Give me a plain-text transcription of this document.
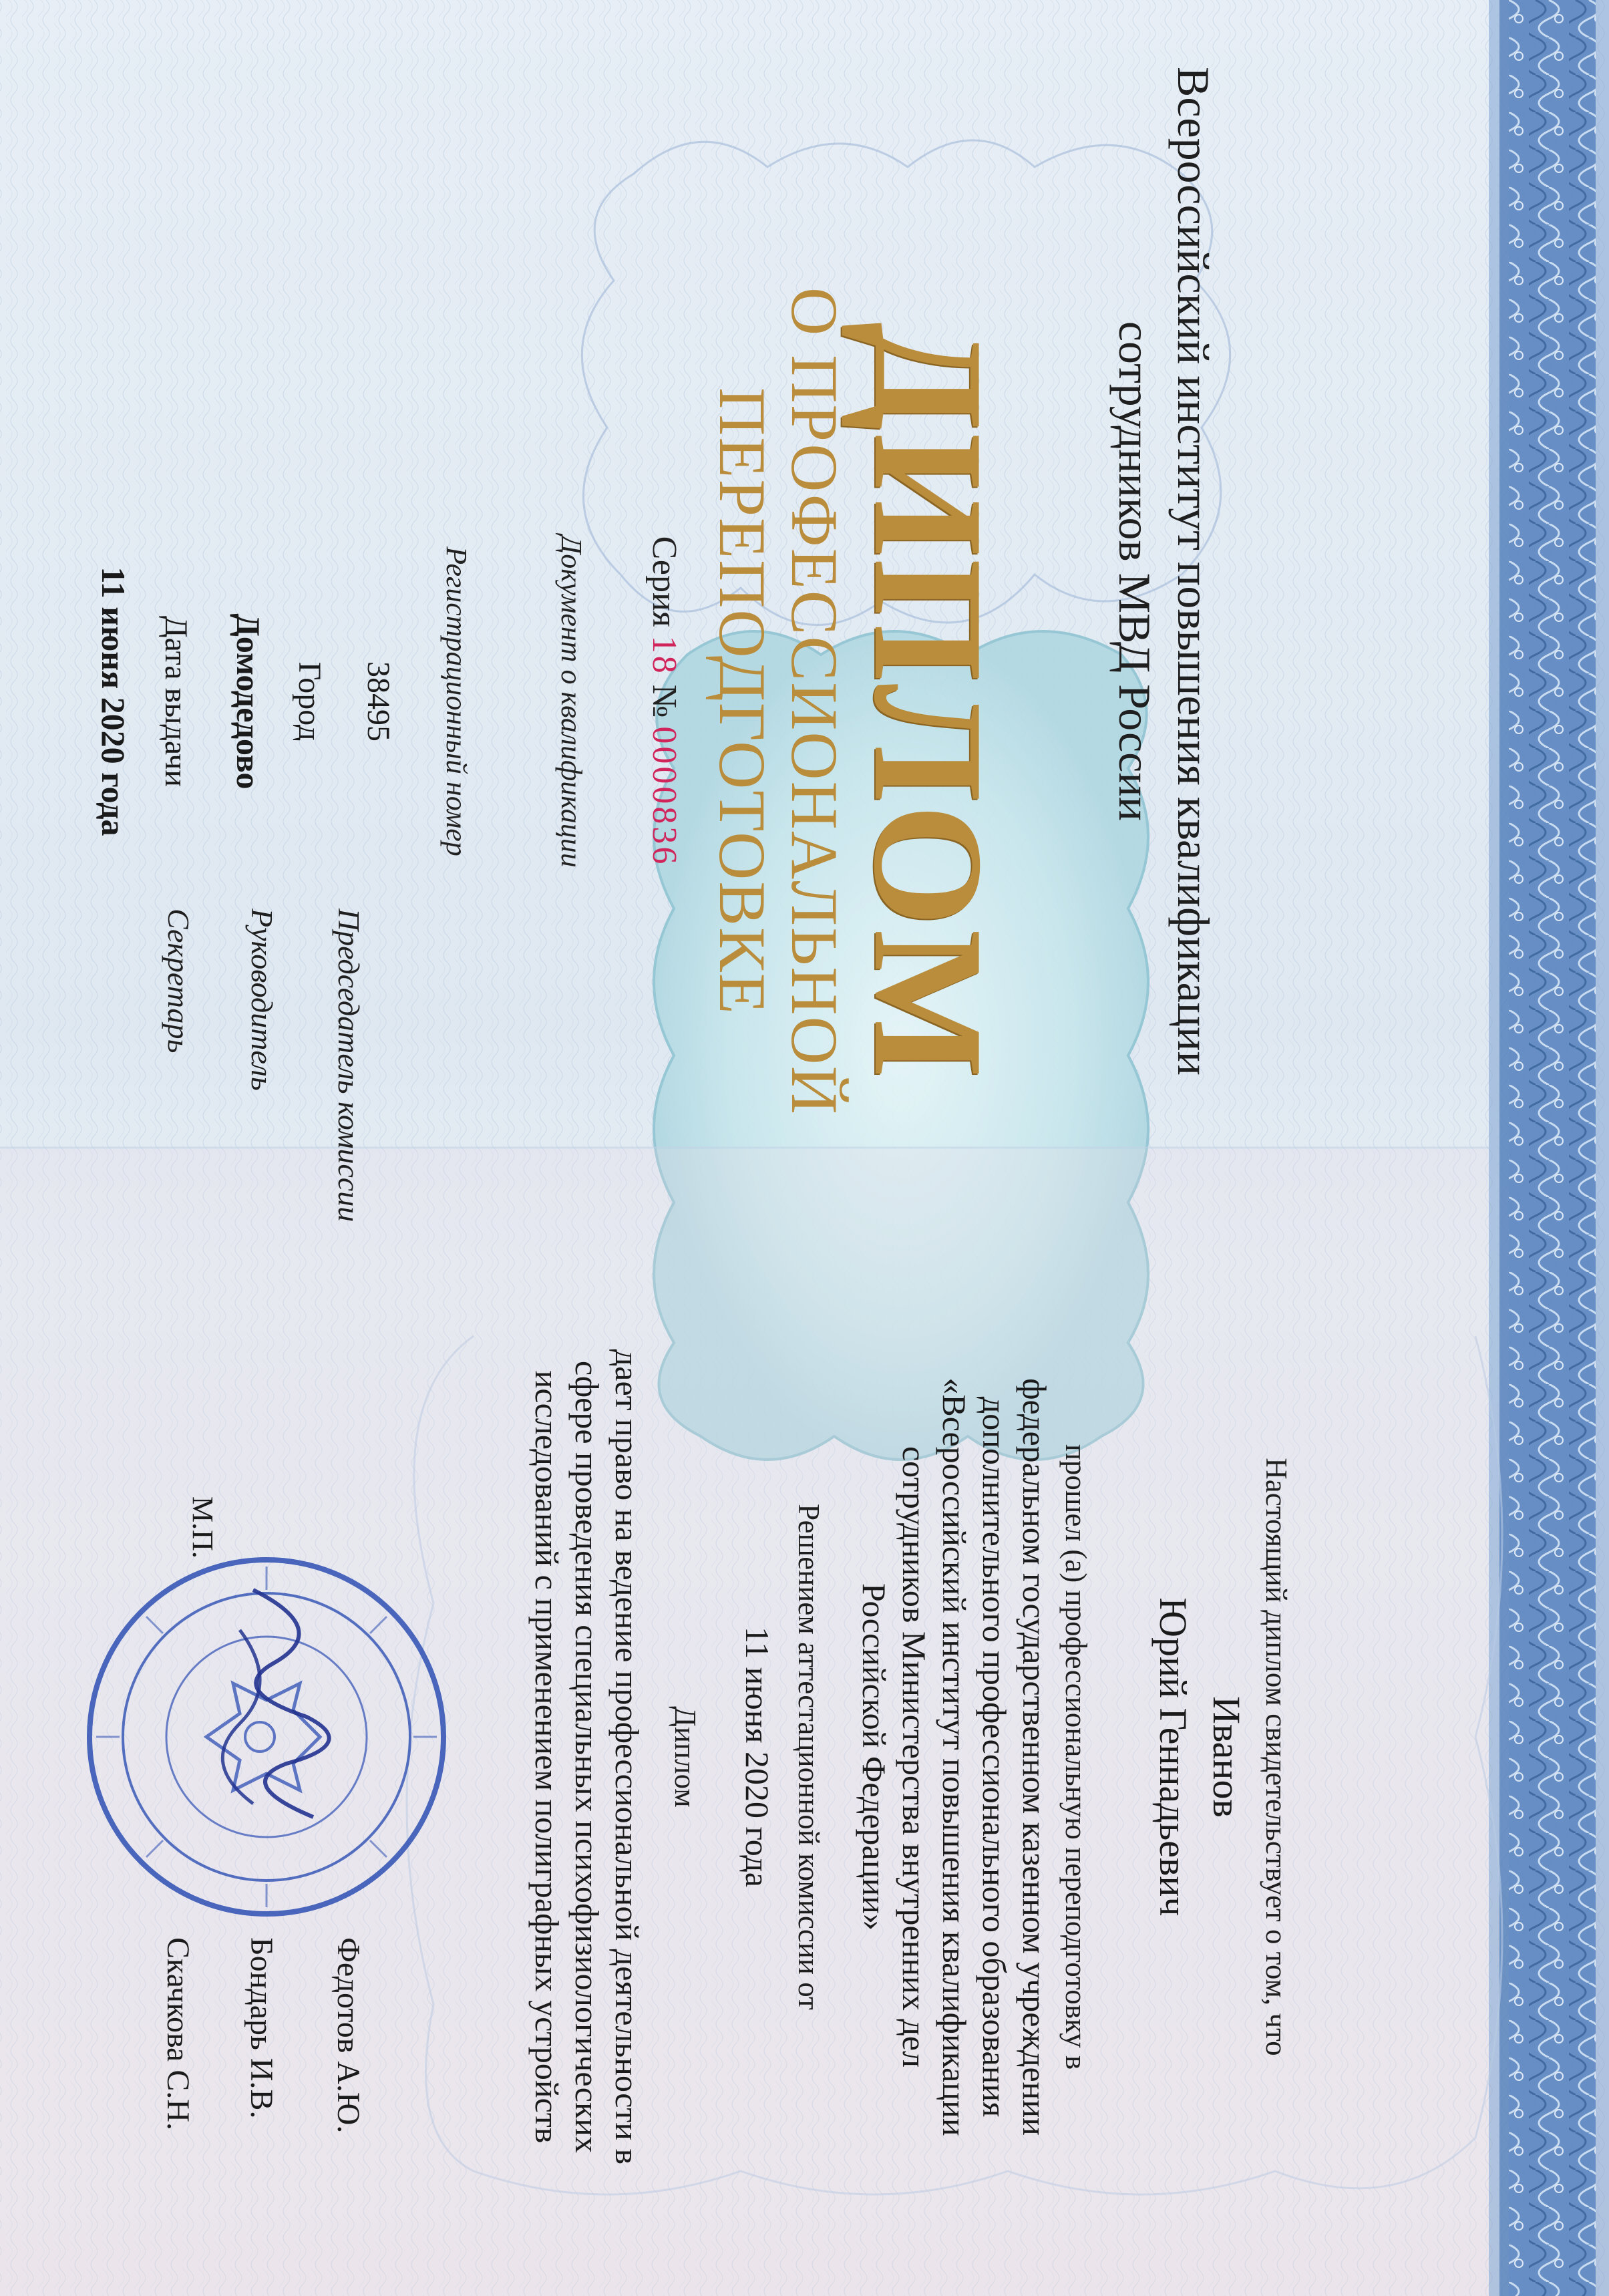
Всероссийский институт повышения квалификации
сотрудников МВД России
ДИПЛОМ
О ПРОФЕССИОНАЛЬНОЙ
ПЕРЕПОДГОТОВКЕ
Серия 18 № 0000836
Документ о квалификации
Регистрационный номер
38495
Город
Домодедово
Дата выдачи
11 июня 2020 года
Настоящий диплом свидетельствует о том, что
Иванов
Юрий Геннадьевич
прошел (а) профессиональную переподготовку в
федеральном государственном казенном учреждении
дополнительного профессионального образования
«Всероссийский институт повышения квалификации
сотрудников Министерства внутренних дел
Российской Федерации»
Решением аттестационной комиссии от
11 июня 2020 года
Диплом
дает право на ведение профессиональной деятельности в
сфере проведения специальных психофизиологических
исследований с применением полиграфных устройств
Председатель комиссии
Федотов А.Ю.
Руководитель
Бондарь И.В.
Секретарь
Скачкова С.Н.
М.П.
